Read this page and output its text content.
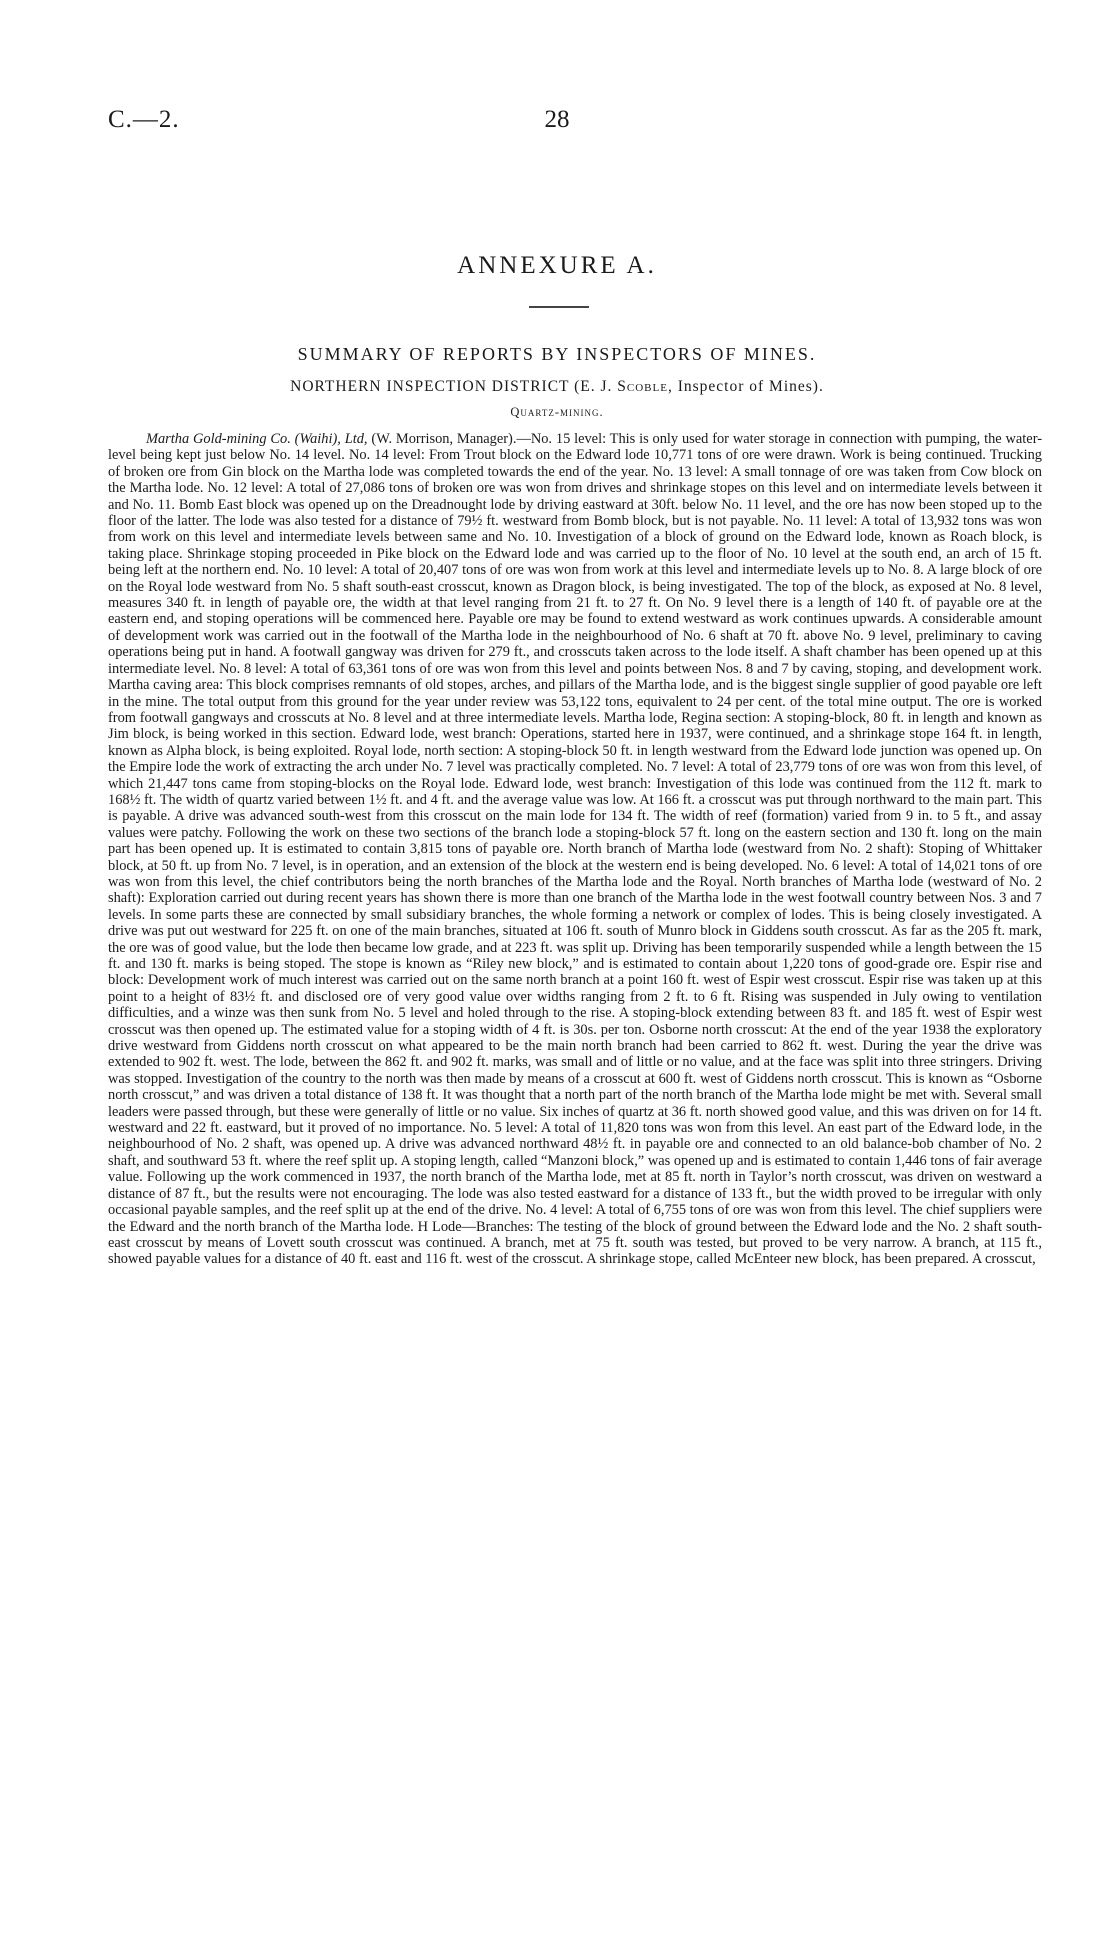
C.—2.	28
ANNEXURE A.
SUMMARY OF REPORTS BY INSPECTORS OF MINES.
NORTHERN INSPECTION DISTRICT (E. J. Scoble, Inspector of Mines).
Quartz-mining.

Martha Gold-mining Co. (Waihi), Ltd, (W. Morrison, Manager).—No. 15 level: This is only used for water storage in connection with pumping, the water-level being kept just below No. 14 level. No. 14 level: From Trout block on the Edward lode 10,771 tons of ore were drawn. Work is being continued. Trucking of broken ore from Gin block on the Martha lode was completed towards the end of the year. No. 13 level: A small tonnage of ore was taken from Cow block on the Martha lode. No. 12 level: A total of 27,086 tons of broken ore was won from drives and shrinkage stopes on this level and on intermediate levels between it and No. 11. Bomb East block was opened up on the Dreadnought lode by driving eastward at 30ft. below No. 11 level, and the ore has now been stoped up to the floor of the latter. The lode was also tested for a distance of 79½ ft. westward from Bomb block, but is not payable. No. 11 level: A total of 13,932 tons was won from work on this level and intermediate levels between same and No. 10. Investigation of a block of ground on the Edward lode, known as Roach block, is taking place. Shrinkage stoping proceeded in Pike block on the Edward lode and was carried up to the floor of No. 10 level at the south end, an arch of 15 ft. being left at the northern end. No. 10 level: A total of 20,407 tons of ore was won from work at this level and intermediate levels up to No. 8. A large block of ore on the Royal lode westward from No. 5 shaft south-east crosscut, known as Dragon block, is being investigated. The top of the block, as exposed at No. 8 level, measures 340 ft. in length of payable ore, the width at that level ranging from 21 ft. to 27 ft. On No. 9 level there is a length of 140 ft. of payable ore at the eastern end, and stoping operations will be commenced here. Payable ore may be found to extend westward as work continues upwards. A considerable amount of development work was carried out in the footwall of the Martha lode in the neighbourhood of No. 6 shaft at 70 ft. above No. 9 level, preliminary to caving operations being put in hand. A footwall gangway was driven for 279 ft., and crosscuts taken across to the lode itself. A shaft chamber has been opened up at this intermediate level. No. 8 level: A total of 63,361 tons of ore was won from this level and points between Nos. 8 and 7 by caving, stoping, and development work. Martha caving area: This block comprises remnants of old stopes, arches, and pillars of the Martha lode, and is the biggest single supplier of good payable ore left in the mine. The total output from this ground for the year under review was 53,122 tons, equivalent to 24 per cent. of the total mine output. The ore is worked from footwall gangways and crosscuts at No. 8 level and at three intermediate levels. Martha lode, Regina section: A stoping-block, 80 ft. in length and known as Jim block, is being worked in this section. Edward lode, west branch: Operations, started here in 1937, were continued, and a shrinkage stope 164 ft. in length, known as Alpha block, is being exploited. Royal lode, north section: A stoping-block 50 ft. in length westward from the Edward lode junction was opened up. On the Empire lode the work of extracting the arch under No. 7 level was practically completed. No. 7 level: A total of 23,779 tons of ore was won from this level, of which 21,447 tons came from stoping-blocks on the Royal lode. Edward lode, west branch: Investigation of this lode was continued from the 112 ft. mark to 168½ ft. The width of quartz varied between 1½ ft. and 4 ft. and the average value was low. At 166 ft. a crosscut was put through northward to the main part. This is payable. A drive was advanced south-west from this crosscut on the main lode for 134 ft. The width of reef (formation) varied from 9 in. to 5 ft., and assay values were patchy. Following the work on these two sections of the branch lode a stoping-block 57 ft. long on the eastern section and 130 ft. long on the main part has been opened up. It is estimated to contain 3,815 tons of payable ore. North branch of Martha lode (westward from No. 2 shaft): Stoping of Whittaker block, at 50 ft. up from No. 7 level, is in operation, and an extension of the block at the western end is being developed. No. 6 level: A total of 14,021 tons of ore was won from this level, the chief contributors being the north branches of the Martha lode and the Royal. North branches of Martha lode (westward of No. 2 shaft): Exploration carried out during recent years has shown there is more than one branch of the Martha lode in the west footwall country between Nos. 3 and 7 levels. In some parts these are connected by small subsidiary branches, the whole forming a network or complex of lodes. This is being closely investigated. A drive was put out westward for 225 ft. on one of the main branches, situated at 106 ft. south of Munro block in Giddens south crosscut. As far as the 205 ft. mark, the ore was of good value, but the lode then became low grade, and at 223 ft. was split up. Driving has been temporarily suspended while a length between the 15 ft. and 130 ft. marks is being stoped. The stope is known as “Riley new block,” and is estimated to contain about 1,220 tons of good-grade ore. Espir rise and block: Development work of much interest was carried out on the same north branch at a point 160 ft. west of Espir west crosscut. Espir rise was taken up at this point to a height of 83½ ft. and disclosed ore of very good value over widths ranging from 2 ft. to 6 ft. Rising was suspended in July owing to ventilation difficulties, and a winze was then sunk from No. 5 level and holed through to the rise. A stoping-block extending between 83 ft. and 185 ft. west of Espir west crosscut was then opened up. The estimated value for a stoping width of 4 ft. is 30s. per ton. Osborne north crosscut: At the end of the year 1938 the exploratory drive westward from Giddens north crosscut on what appeared to be the main north branch had been carried to 862 ft. west. During the year the drive was extended to 902 ft. west. The lode, between the 862 ft. and 902 ft. marks, was small and of little or no value, and at the face was split into three stringers. Driving was stopped. Investigation of the country to the north was then made by means of a crosscut at 600 ft. west of Giddens north crosscut. This is known as “Osborne north crosscut,” and was driven a total distance of 138 ft. It was thought that a north part of the north branch of the Martha lode might be met with. Several small leaders were passed through, but these were generally of little or no value. Six inches of quartz at 36 ft. north showed good value, and this was driven on for 14 ft. westward and 22 ft. eastward, but it proved of no importance. No. 5 level: A total of 11,820 tons was won from this level. An east part of the Edward lode, in the neighbourhood of No. 2 shaft, was opened up. A drive was advanced northward 48½ ft. in payable ore and connected to an old balance-bob chamber of No. 2 shaft, and southward 53 ft. where the reef split up. A stoping length, called “Manzoni block,” was opened up and is estimated to contain 1,446 tons of fair average value. Following up the work commenced in 1937, the north branch of the Martha lode, met at 85 ft. north in Taylor’s north crosscut, was driven on westward a distance of 87 ft., but the results were not encouraging. The lode was also tested eastward for a distance of 133 ft., but the width proved to be irregular with only occasional payable samples, and the reef split up at the end of the drive. No. 4 level: A total of 6,755 tons of ore was won from this level. The chief suppliers were the Edward and the north branch of the Martha lode. H Lode—Branches: The testing of the block of ground between the Edward lode and the No. 2 shaft south-east crosscut by means of Lovett south crosscut was continued. A branch, met at 75 ft. south was tested, but proved to be very narrow. A branch, at 115 ft., showed payable values for a distance of 40 ft. east and 116 ft. west of the crosscut. A shrinkage stope, called McEnteer new block, has been prepared. A crosscut,
